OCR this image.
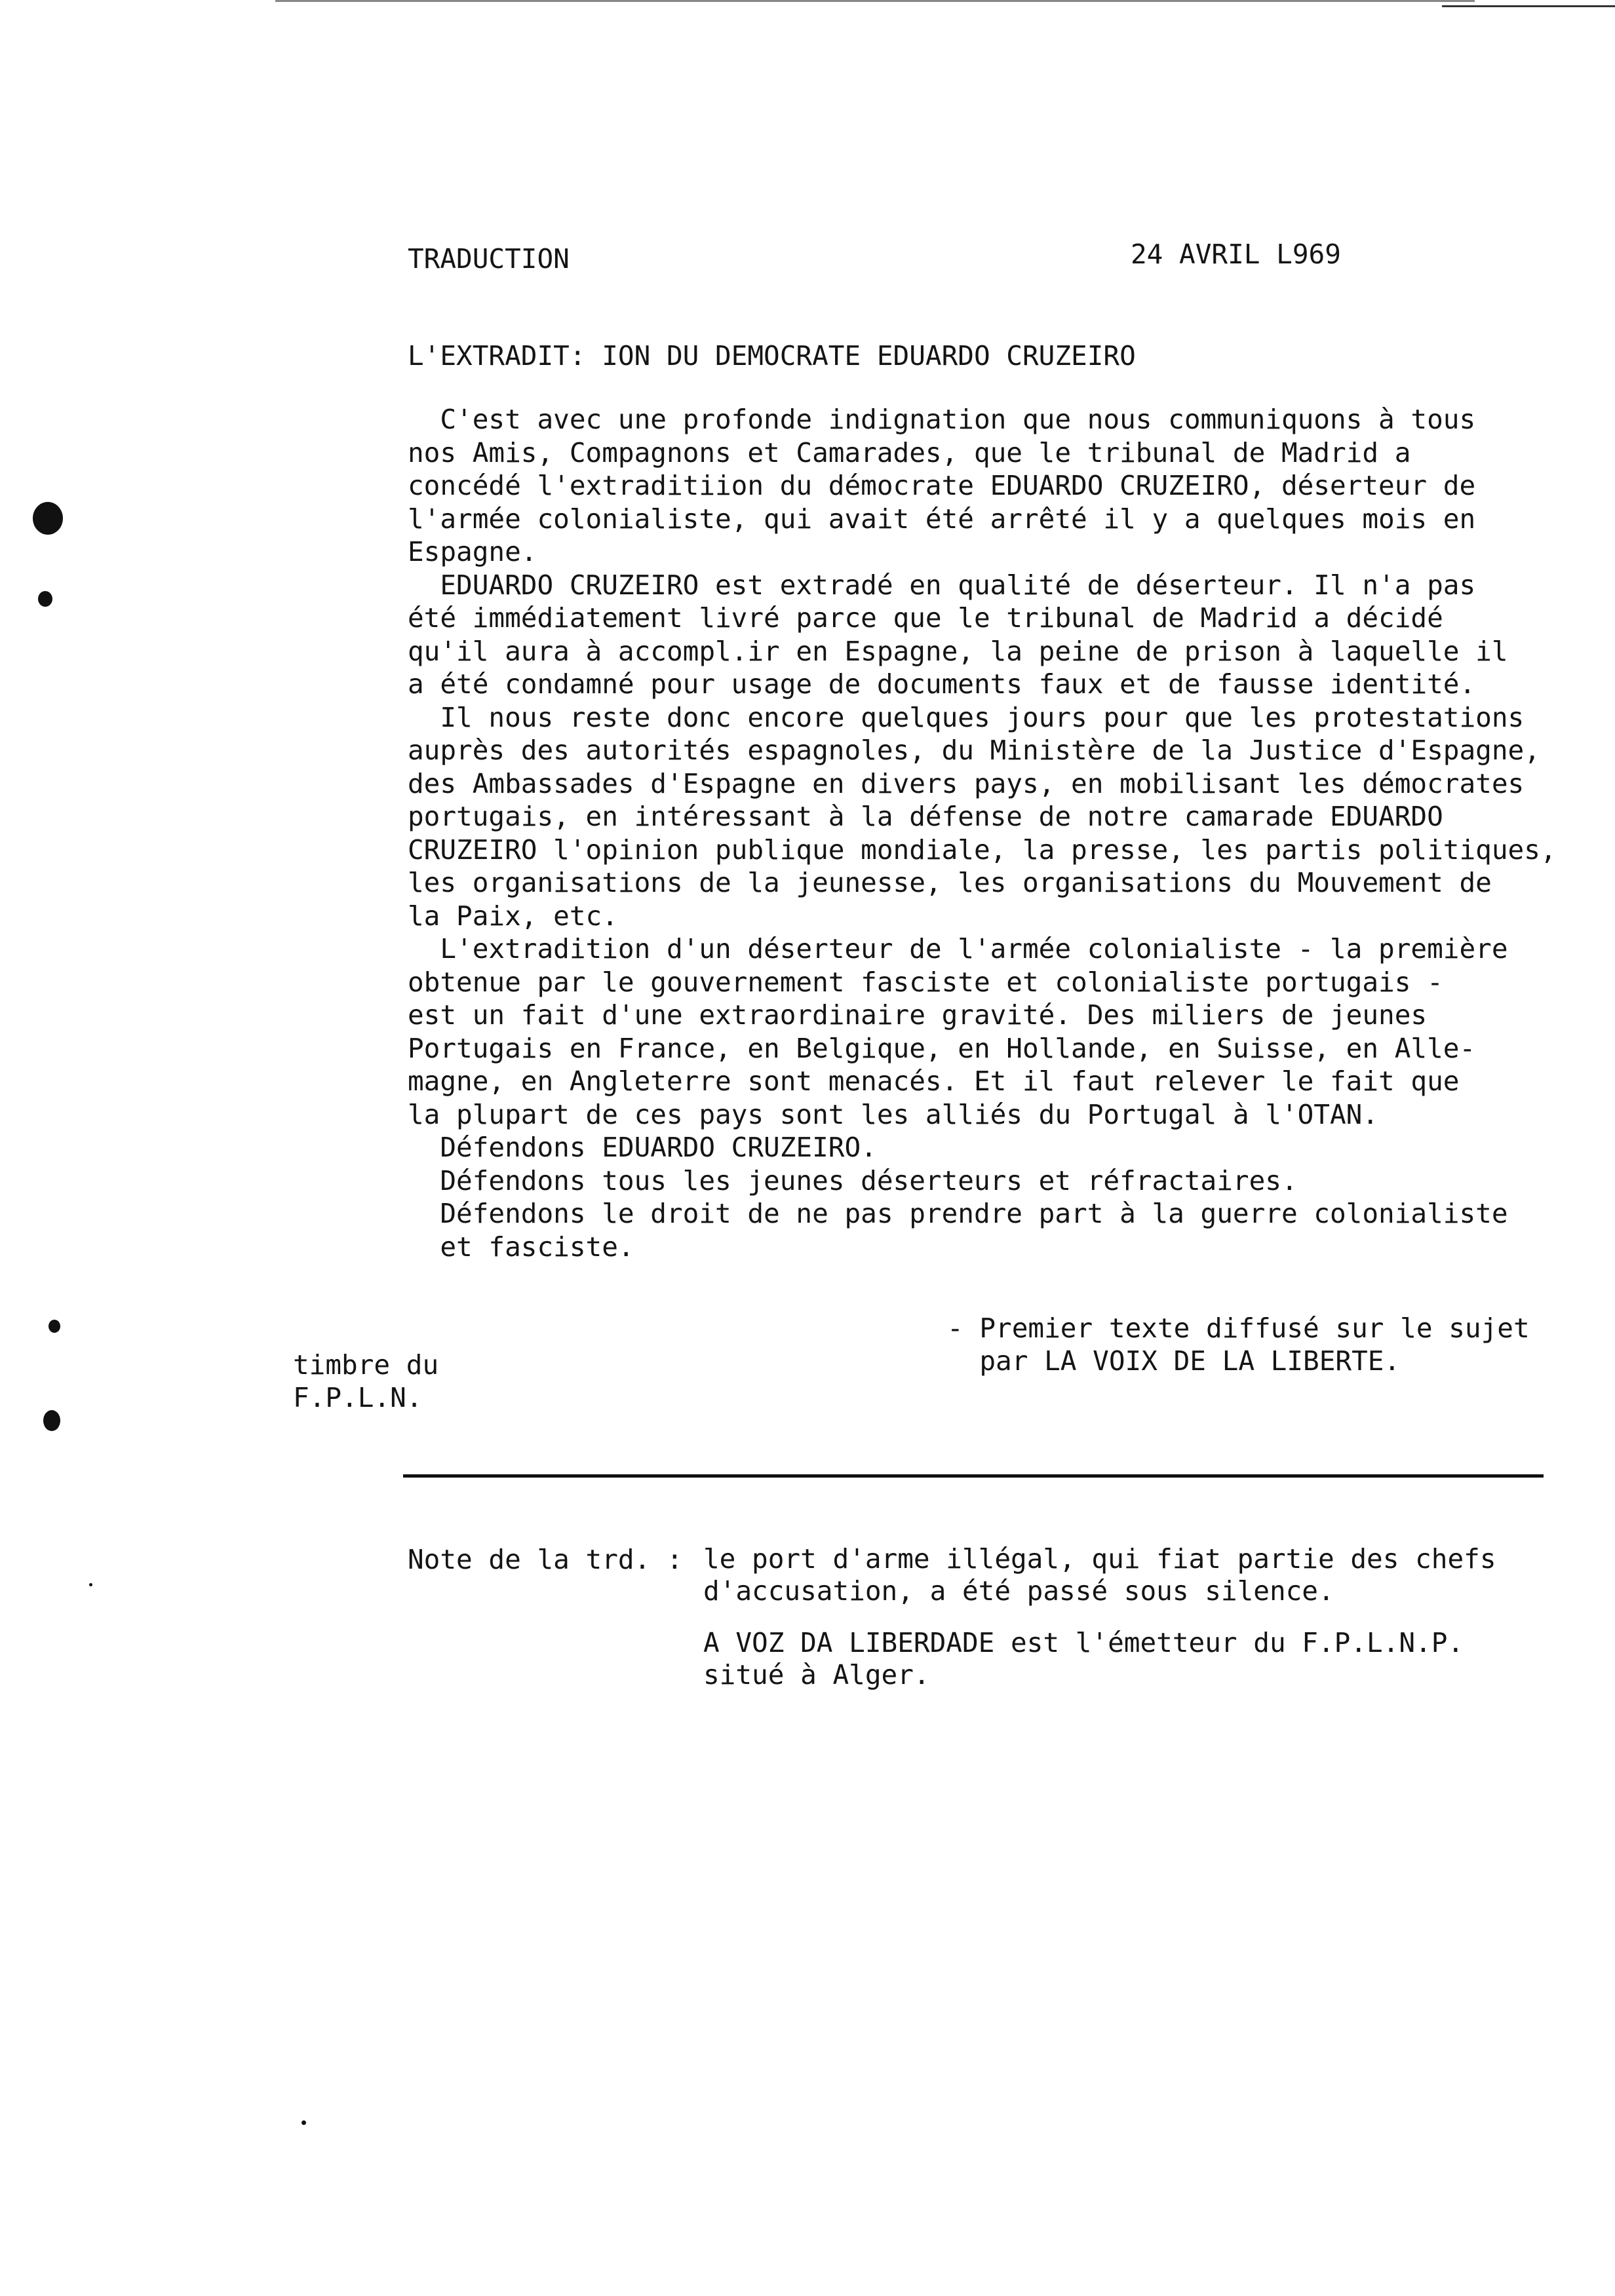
TRADUCTION	24 AVRIL L969
L'EXTRADIT: ION DU DEMOCRATE EDUARDO CRUZEIRO
C'est avec une profonde indignation que nous communiquons à tous
nos Amis, Compagnons et Camarades, que le tribunal de Madrid a
concédé l'extraditiion du démocrate EDUARDO CRUZEIRO, déserteur de
l'armée colonialiste, qui avait été arrêté il y a quelques mois en
Espagne.
EDUARDO CRUZEIRO est extradé en qualité de déserteur. Il n'a pas
été immédiatement livré parce que le tribunal de Madrid a décidé
qu'il aura à accompl.ir en Espagne, la peine de prison à laquelle il
a été condamné pour usage de documents faux et de fausse identité.
Il nous reste donc encore quelques jours pour que les protestations
auprès des autorités espagnoles, du Ministère de la Justice d'Espagne,
des Ambassades d'Espagne en divers pays, en mobilisant les démocrates
portugais, en intéressant à la défense de notre camarade EDUARDO
CRUZEIRO l'opinion publique mondiale, la presse, les partis politiques,
les organisations de la jeunesse, les organisations du Mouvement de
la Paix, etc.
L'extradition d'un déserteur de l'armée colonialiste - la première
obtenue par le gouvernement fasciste et colonialiste portugais -
est un fait d'une extraordinaire gravité. Des miliers de jeunes
Portugais en France, en Belgique, en Hollande, en Suisse, en Alle-
magne, en Angleterre sont menacés. Et il faut relever le fait que
la plupart de ces pays sont les alliés du Portugal à l'OTAN.
Défendons EDUARDO CRUZEIRO.
Défendons tous les jeunes déserteurs et réfractaires.
Défendons le droit de ne pas prendre part à la guerre colonialiste
et fasciste.
timbre du
F.P.L.N.
- Premier texte diffusé sur le sujet
par LA VOIX DE LA LIBERTE.
Note de la trd. : le port d'arme illégal, qui fiat partie des chefs
d'accusation, a été passé sous silence.
A VOZ DA LIBERDADE est l'émetteur du F.P.L.N.P.
situé à Alger.
